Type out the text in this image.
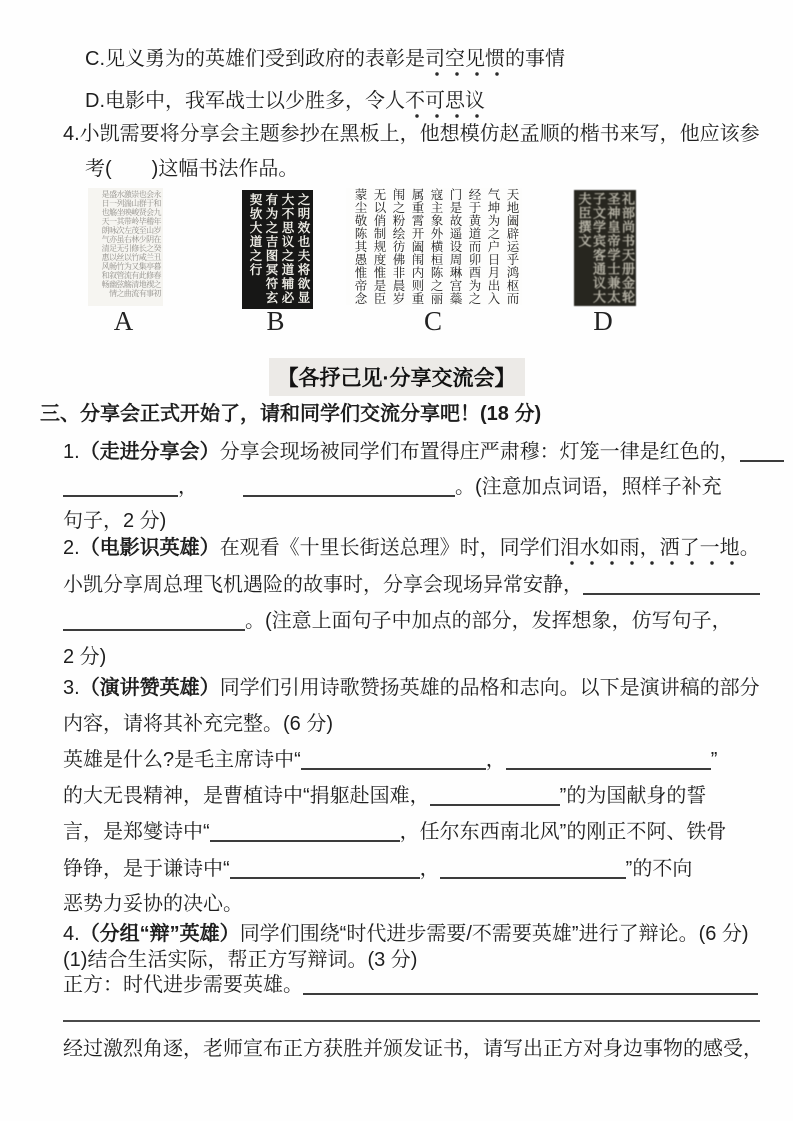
C.见义勇为的英雄们受到政府的表彰是司空见惯的事情
D.电影中，我军战士以少胜多，令人不可思议
4.小凯需要将分享会主题参抄在黑板上，他想模仿赵孟顺的楷书来写，他应该参
考(　　)这幅书法作品。
永和九年岁在癸丑暮春之初会于会稽山阴之兰亭修禊事也群贤毕至少长咸集此地有崇山峻岭茂林修竹又有清流激湍映带左右引以为流觞曲水列坐其次虽无丝竹管弦之盛一觞一咏亦足以畅叙幽情是日也天朗气清惠风和畅	之明效也夫将欲显大不思议之道辅必有为之吉图冥符玄契欤大道之行	天地阖辟运乎鸿枢而气坤为之户日月出入经于黄道而卯酉为之门是故遥设周琳宫蘂寇主象外横桓陈之丽属重霄开阖闱内则重闱之粉绘彷佛非晨岁无以俏制规度惟是臣蒙尘敬陈其愚惟帝念	礼部尚书天册金轮圣神皇帝学士兼太子文学宾客通议大夫臣撰文
A	B	C	D
【各抒己见·分享交流会】
三、分享会正式开始了，请和同学们交流分享吧！(18 分)
1.（走进分享会）分享会现场被同学们布置得庄严肃穆：灯笼一律是红色的，
，	。(注意加点词语，照样子补充
句子，2 分)
2.（电影识英雄）在观看《十里长街送总理》时，同学们泪水如雨，洒了一地。
小凯分享周总理飞机遇险的故事时，分享会现场异常安静，
。(注意上面句子中加点的部分，发挥想象，仿写句子，
2 分)
3.（演讲赞英雄）同学们引用诗歌赞扬英雄的品格和志向。以下是演讲稿的部分
内容，请将其补充完整。(6 分)
英雄是什么?是毛主席诗中“	，	”
的大无畏精神，是曹植诗中“捐躯赴国难，	”的为国献身的誓
言，是郑燮诗中“	，任尔东西南北风”的刚正不阿、铁骨
铮铮，是于谦诗中“	，	”的不向
恶势力妥协的决心。
4.（分组“辩”英雄）同学们围绕“时代进步需要/不需要英雄”进行了辩论。(6 分)
(1)结合生活实际，帮正方写辩词。(3 分)
正方：时代进步需要英雄。
经过激烈角逐，老师宣布正方获胜并颁发证书，请写出正方对身边事物的感受，
